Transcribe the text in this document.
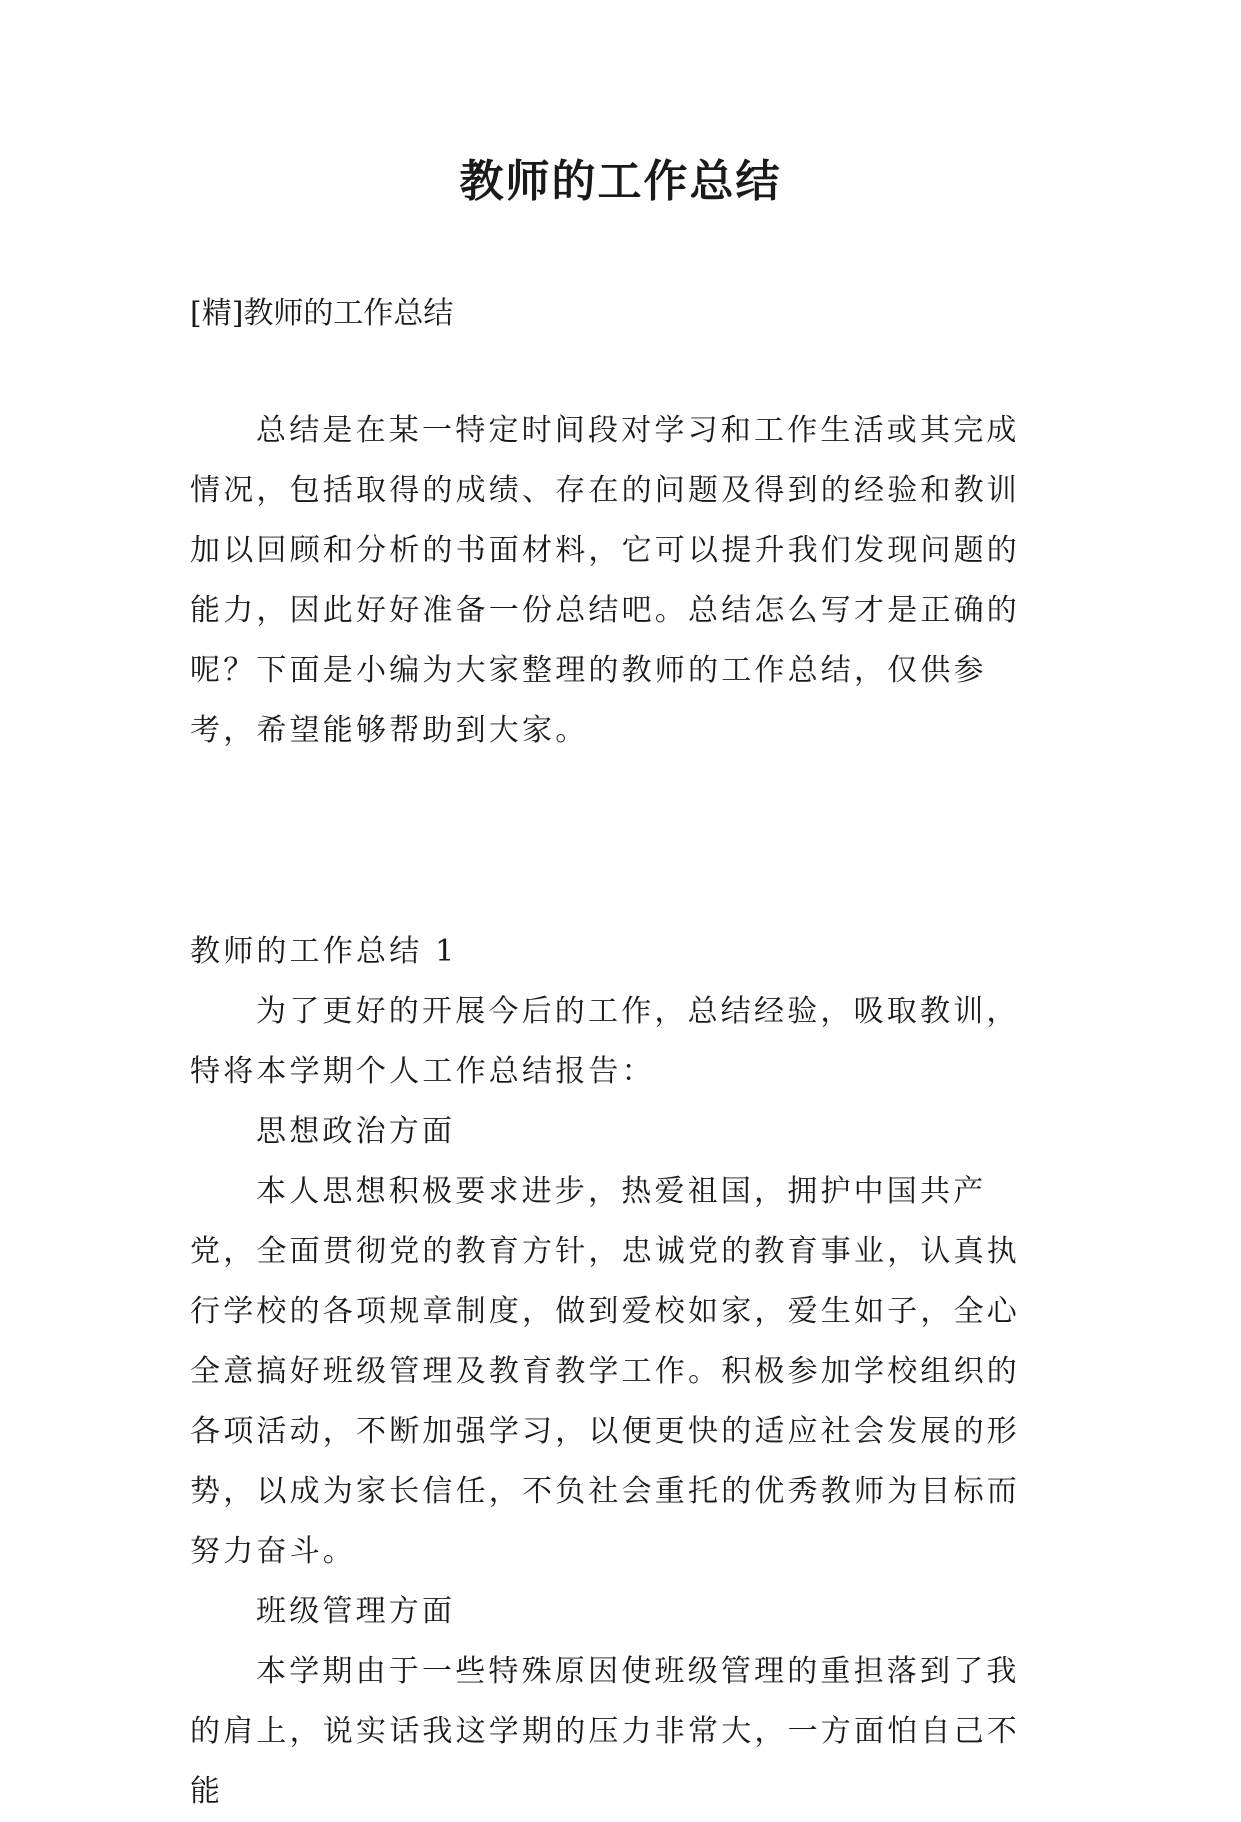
教师的工作总结
[精]教师的工作总结

总结是在某一特定时间段对学习和工作生活或其完成情况，包括取得的成绩、存在的问题及得到的经验和教训加以回顾和分析的书面材料，它可以提升我们发现问题的能力，因此好好准备一份总结吧。总结怎么写才是正确的呢？下面是小编为大家整理的教师的工作总结，仅供参考，希望能够帮助到大家。

教师的工作总结 1

为了更好的开展今后的工作，总结经验，吸取教训，特将本学期个人工作总结报告：

思想政治方面

本人思想积极要求进步，热爱祖国，拥护中国共产党，全面贯彻党的教育方针，忠诚党的教育事业，认真执行学校的各项规章制度，做到爱校如家，爱生如子，全心全意搞好班级管理及教育教学工作。积极参加学校组织的各项活动，不断加强学习，以便更快的适应社会发展的形势，以成为家长信任，不负社会重托的优秀教师为目标而努力奋斗。

班级管理方面

本学期由于一些特殊原因使班级管理的重担落到了我的肩上，说实话我这学期的压力非常大，一方面怕自己不能
